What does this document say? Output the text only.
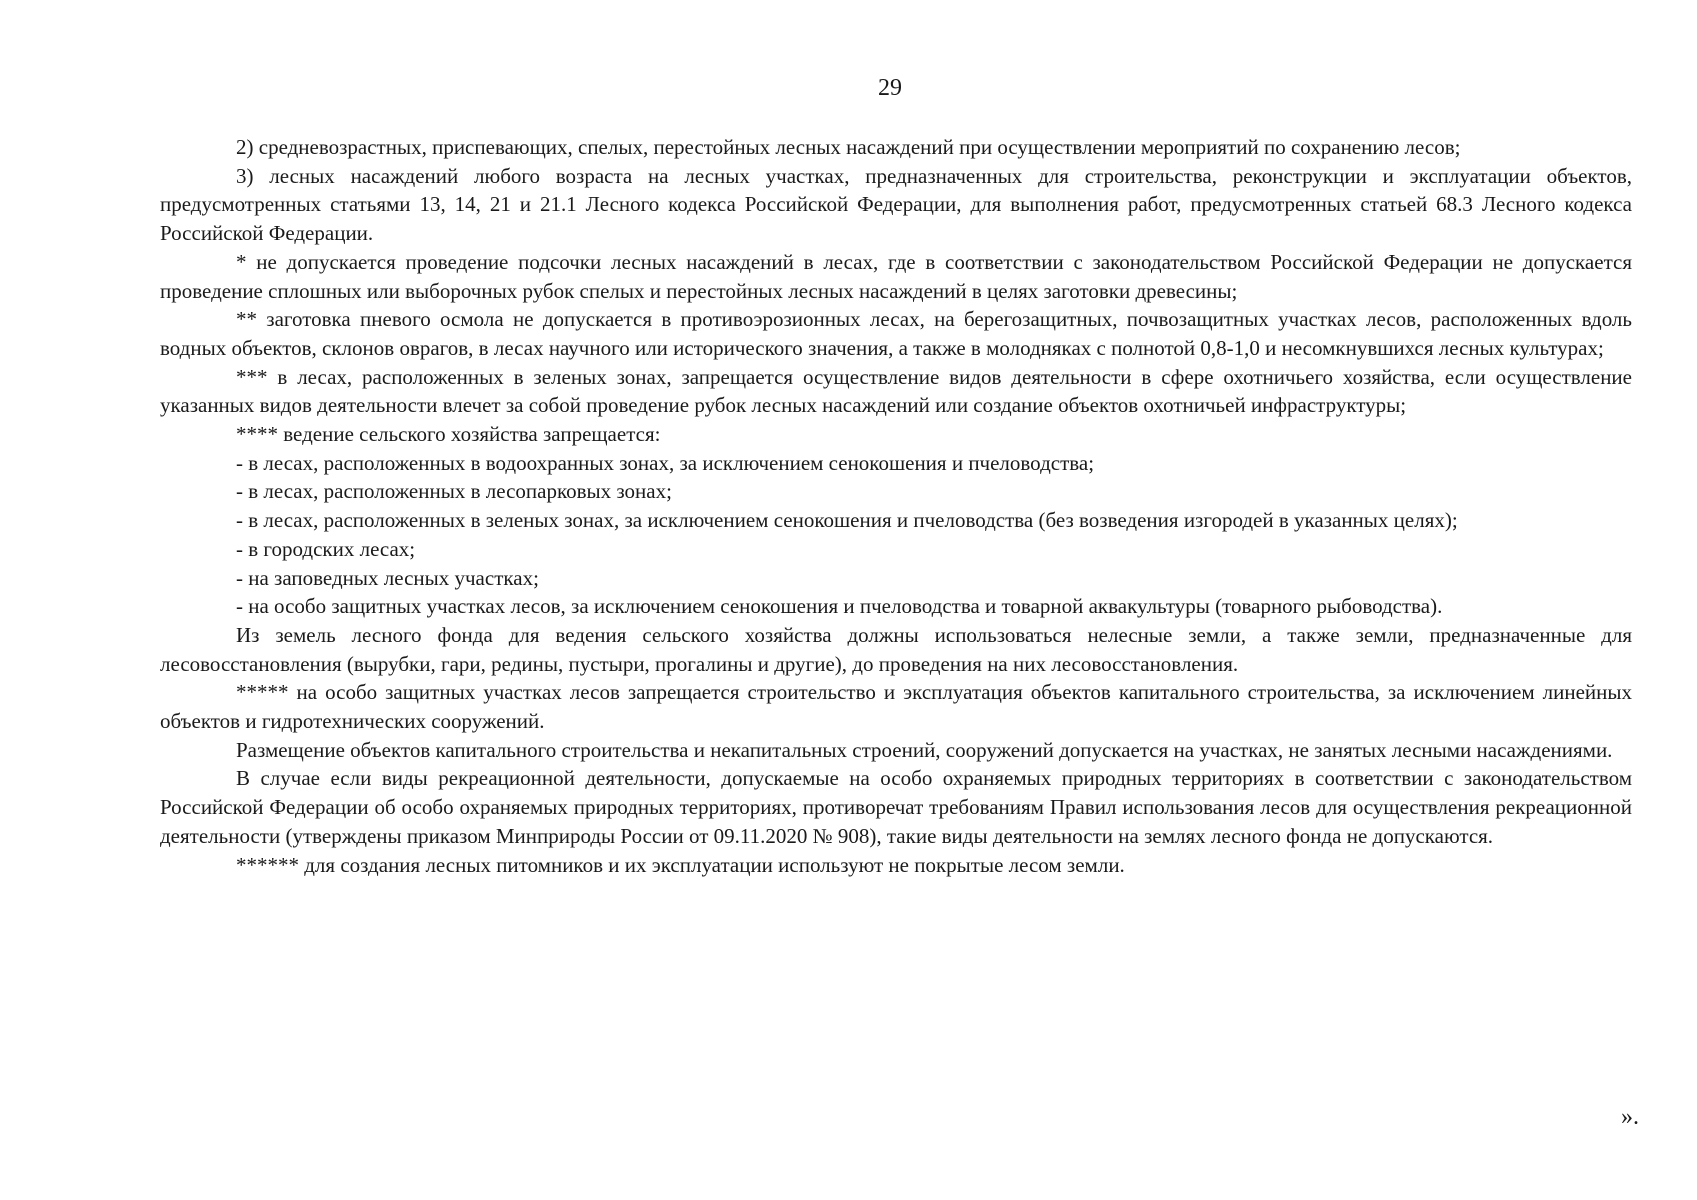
29

2) средневозрастных, приспевающих, спелых, перестойных лесных насаждений при осуществлении мероприятий по сохранению лесов;

3) лесных насаждений любого возраста на лесных участках, предназначенных для строительства, реконструкции и эксплуатации объектов, предусмотренных статьями 13, 14, 21 и 21.1 Лесного кодекса Российской Федерации, для выполнения работ, предусмотренных статьей 68.3 Лесного кодекса Российской Федерации.

* не допускается проведение подсочки лесных насаждений в лесах, где в соответствии с законодательством Российской Федерации не допускается проведение сплошных или выборочных рубок спелых и перестойных лесных насаждений в целях заготовки древесины;

** заготовка пневого осмола не допускается в противоэрозионных лесах, на берегозащитных, почвозащитных участках лесов, расположенных вдоль водных объектов, склонов оврагов, в лесах научного или исторического значения, а также в молодняках с полнотой 0,8-1,0 и несомкнувшихся лесных культурах;

*** в лесах, расположенных в зеленых зонах, запрещается осуществление видов деятельности в сфере охотничьего хозяйства, если осуществление указанных видов деятельности влечет за собой проведение рубок лесных насаждений или создание объектов охотничьей инфраструктуры;

**** ведение сельского хозяйства запрещается:

- в лесах, расположенных в водоохранных зонах, за исключением сенокошения и пчеловодства;

- в лесах, расположенных в лесопарковых зонах;

- в лесах, расположенных в зеленых зонах, за исключением сенокошения и пчеловодства (без возведения изгородей в указанных целях);

- в городских лесах;

- на заповедных лесных участках;

- на особо защитных участках лесов, за исключением сенокошения и пчеловодства и товарной аквакультуры (товарного рыбоводства).

Из земель лесного фонда для ведения сельского хозяйства должны использоваться нелесные земли, а также земли, предназначенные для лесовосстановления (вырубки, гари, редины, пустыри, прогалины и другие), до проведения на них лесовосстановления.

***** на особо защитных участках лесов запрещается строительство и эксплуатация объектов капитального строительства, за исключением линейных объектов и гидротехнических сооружений.

Размещение объектов капитального строительства и некапитальных строений, сооружений допускается на участках, не занятых лесными насаждениями.

В случае если виды рекреационной деятельности, допускаемые на особо охраняемых природных территориях в соответствии с законодательством Российской Федерации об особо охраняемых природных территориях, противоречат требованиям Правил использования лесов для осуществления рекреационной деятельности (утверждены приказом Минприроды России от 09.11.2020 № 908), такие виды деятельности на землях лесного фонда не допускаются.

****** для создания лесных питомников и их эксплуатации используют не покрытые лесом земли.

».
